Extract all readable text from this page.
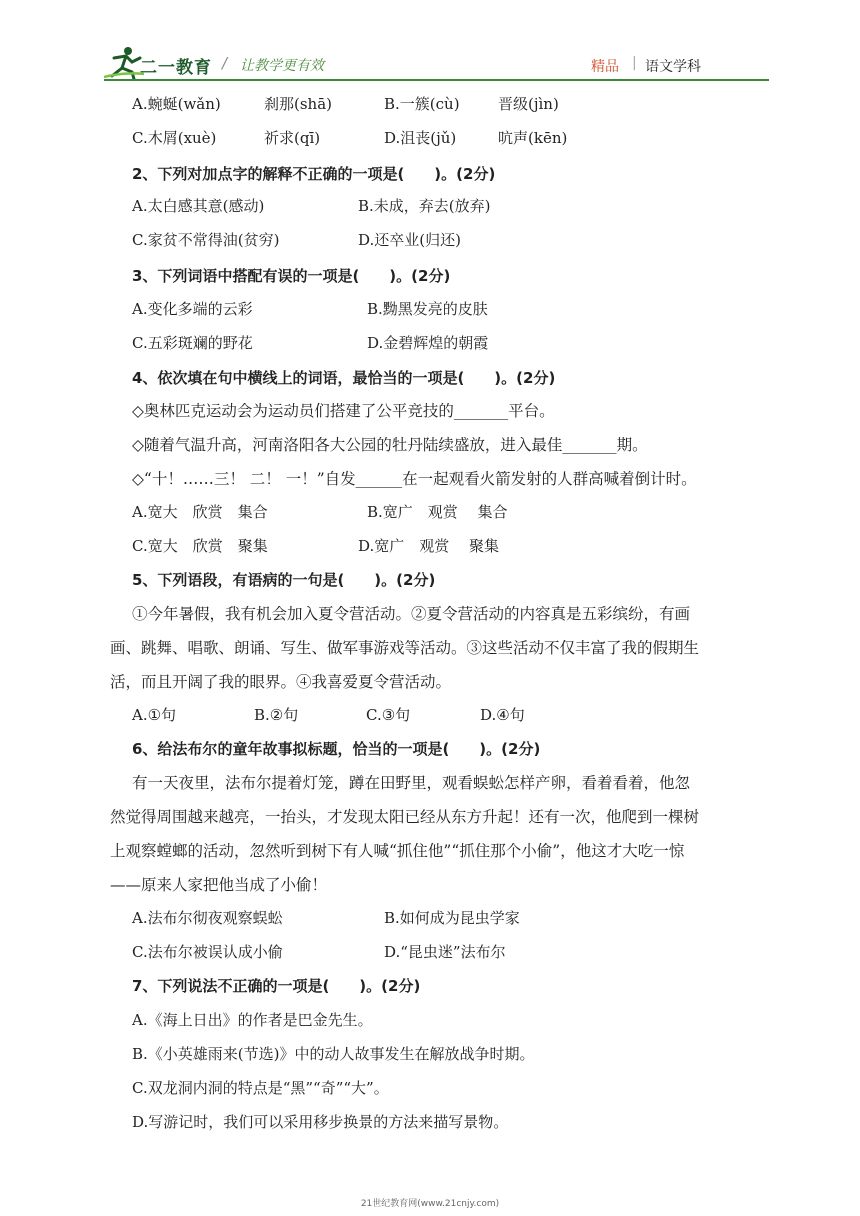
二一教育 / 让教学更有效	精品 | 语文学科
A.蜿蜒(wǎn)	刹那(shā)	B.一簇(cù)	晋级(jìn)
C.木屑(xuè)	祈求(qī)	D.沮丧(jǔ)	吭声(kēn)
2、下列对加点字的解释不正确的一项是(　　)。(2分)
A.太白感其意(感动)	B.未成，弃去(放弃)
C.家贫不常得油(贫穷)	D.还卒业(归还)
3、下列词语中搭配有误的一项是(　　)。(2分)
A.变化多端的云彩	B.黝黑发亮的皮肤
C.五彩斑斓的野花	D.金碧辉煌的朝霞
4、依次填在句中横线上的词语，最恰当的一项是(　　)。(2分)
◇奥林匹克运动会为运动员们搭建了公平竞技的_______平台。
◇随着气温升高，河南洛阳各大公园的牡丹陆续盛放，进入最佳_______期。
◇“十！……三！ 二！ 一！”自发______在一起观看火箭发射的人群高喊着倒计时。
A.宽大　欣赏　集合	B.宽广　观赏　 集合
C.宽大　欣赏　聚集	D.宽广　观赏　 聚集
5、下列语段，有语病的一句是(　　)。(2分)
①今年暑假，我有机会加入夏令营活动。②夏令营活动的内容真是五彩缤纷，有画
画、跳舞、唱歌、朗诵、写生、做军事游戏等活动。③这些活动不仅丰富了我的假期生
活，而且开阔了我的眼界。④我喜爱夏令营活动。
A.①句	B.②句	C.③句	D.④句
6、给法布尔的童年故事拟标题，恰当的一项是(　　)。(2分)
有一天夜里，法布尔提着灯笼，蹲在田野里，观看蜈蚣怎样产卵，看着看着，他忽
然觉得周围越来越亮，一抬头，才发现太阳已经从东方升起！还有一次，他爬到一棵树
上观察螳螂的活动，忽然听到树下有人喊“抓住他”“抓住那个小偷”，他这才大吃一惊
——原来人家把他当成了小偷！
A.法布尔彻夜观察蜈蚣	B.如何成为昆虫学家
C.法布尔被误认成小偷	D.“昆虫迷”法布尔
7、下列说法不正确的一项是(　　)。(2分)
A.《海上日出》的作者是巴金先生。
B.《小英雄雨来(节选)》中的动人故事发生在解放战争时期。
C.双龙洞内洞的特点是“黑”“奇”“大”。
D.写游记时，我们可以采用移步换景的方法来描写景物。
21世纪教育网(www.21cnjy.com)
